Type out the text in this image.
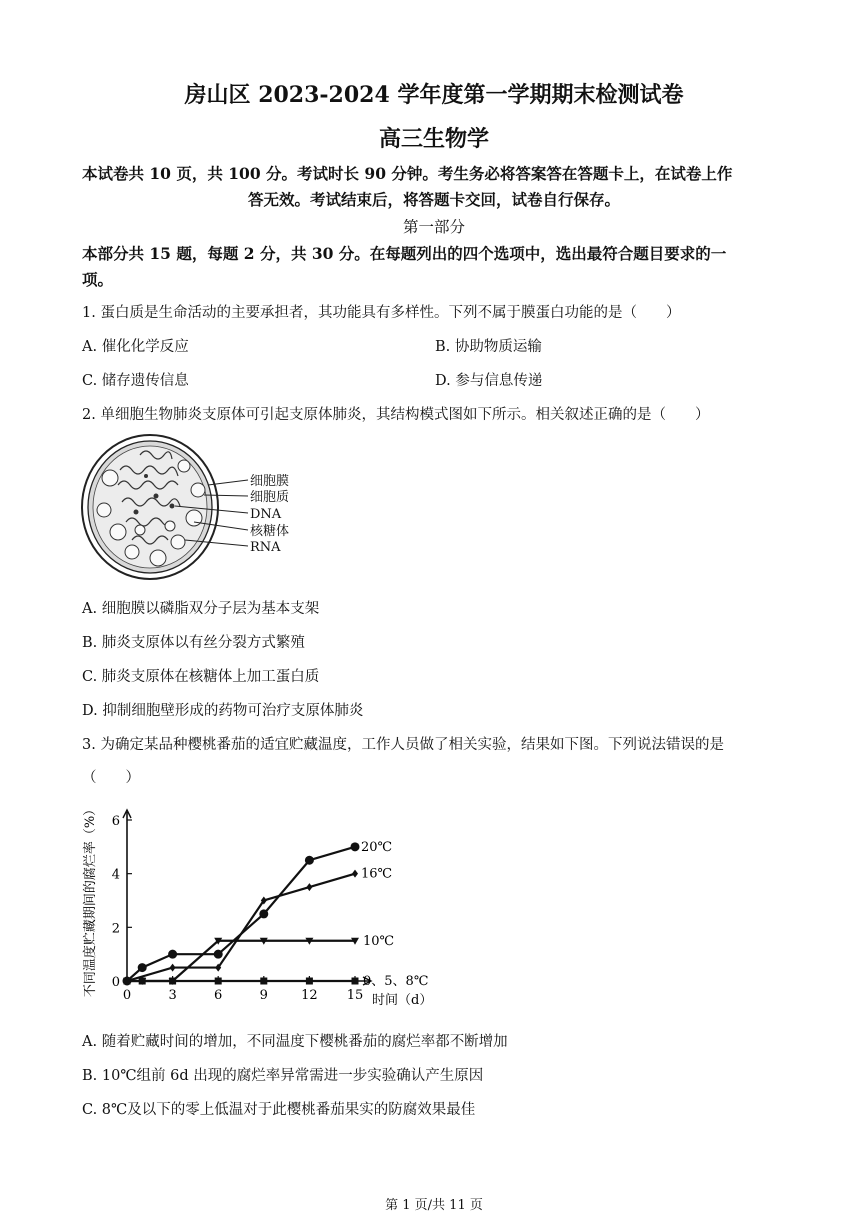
房山区 2023-2024 学年度第一学期期末检测试卷
高三生物学
本试卷共 10 页，共 100 分。考试时长 90 分钟。考生务必将答案答在答题卡上，在试卷上作
答无效。考试结束后，将答题卡交回，试卷自行保存。
第一部分
本部分共 15 题，每题 2 分，共 30 分。在每题列出的四个选项中，选出最符合题目要求的一
项。
1. 蛋白质是生命活动的主要承担者，其功能具有多样性。下列不属于膜蛋白功能的是（　　）
A. 催化化学反应	B. 协助物质运输
C. 储存遗传信息	D. 参与信息传递
2. 单细胞生物肺炎支原体可引起支原体肺炎，其结构模式图如下所示。相关叙述正确的是（　　）
细胞膜
细胞质
DNA
核糖体
RNA
A. 细胞膜以磷脂双分子层为基本支架
B. 肺炎支原体以有丝分裂方式繁殖
C. 肺炎支原体在核糖体上加工蛋白质
D. 抑制细胞壁形成的药物可治疗支原体肺炎
3. 为确定某品种樱桃番茄的适宜贮藏温度，工作人员做了相关实验，结果如下图。下列说法错误的是
（　　）
不同温度贮藏期间的腐烂率（%）
时间（d）
0	3	6	9	12 15
0
2
4
6
20℃
16℃
10℃
0、5、8℃
A. 随着贮藏时间的增加，不同温度下樱桃番茄的腐烂率都不断增加
B. 10℃组前 6d 出现的腐烂率异常需进一步实验确认产生原因
C. 8℃及以下的零上低温对于此樱桃番茄果实的防腐效果最佳
第 1 页/共 11 页
